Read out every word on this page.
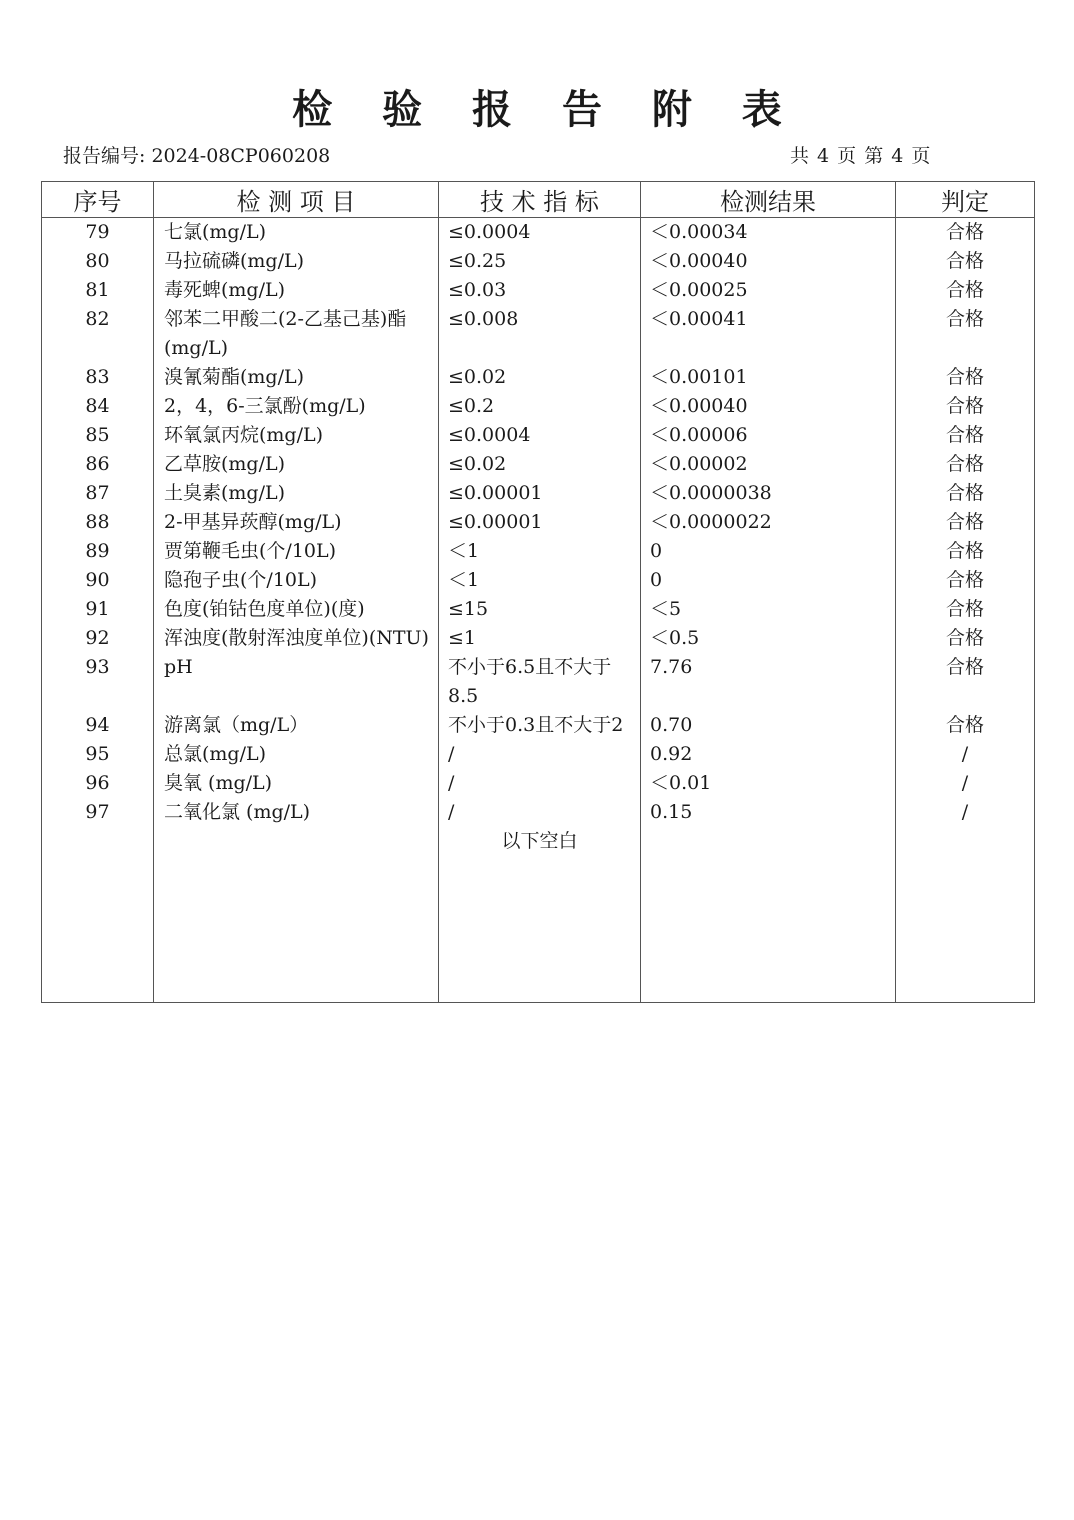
检 验 报 告 附 表
报告编号: 2024-08CP060208	共 4 页 第 4 页
序号	检 测 项 目	技 术 指 标	检测结果	判定
79	七氯(mg/L)	≤0.0004	＜0.00034	合格
80	马拉硫磷(mg/L)	≤0.25	＜0.00040	合格
81	毒死蜱(mg/L)	≤0.03	＜0.00025	合格
82	邻苯二甲酸二(2-乙基己基)酯(mg/L)	≤0.008	＜0.00041	合格
83	溴氰菊酯(mg/L)	≤0.02	＜0.00101	合格
84	2，4，6-三氯酚(mg/L)	≤0.2	＜0.00040	合格
85	环氧氯丙烷(mg/L)	≤0.0004	＜0.00006	合格
86	乙草胺(mg/L)	≤0.02	＜0.00002	合格
87	土臭素(mg/L)	≤0.00001	＜0.0000038	合格
88	2-甲基异莰醇(mg/L)	≤0.00001	＜0.0000022	合格
89	贾第鞭毛虫(个/10L)	＜1	0	合格
90	隐孢子虫(个/10L)	＜1	0	合格
91	色度(铂钴色度单位)(度)	≤15	＜5	合格
92	浑浊度(散射浑浊度单位)(NTU)	≤1	＜0.5	合格
93	pH	不小于6.5且不大于8.5	7.76	合格
94	游离氯（mg/L）	不小于0.3且不大于2	0.70	合格
95	总氯(mg/L)	/	0.92	/
96	臭氧 (mg/L)	/	＜0.01	/
97	二氧化氯 (mg/L)	/	0.15	/
		以下空白		
